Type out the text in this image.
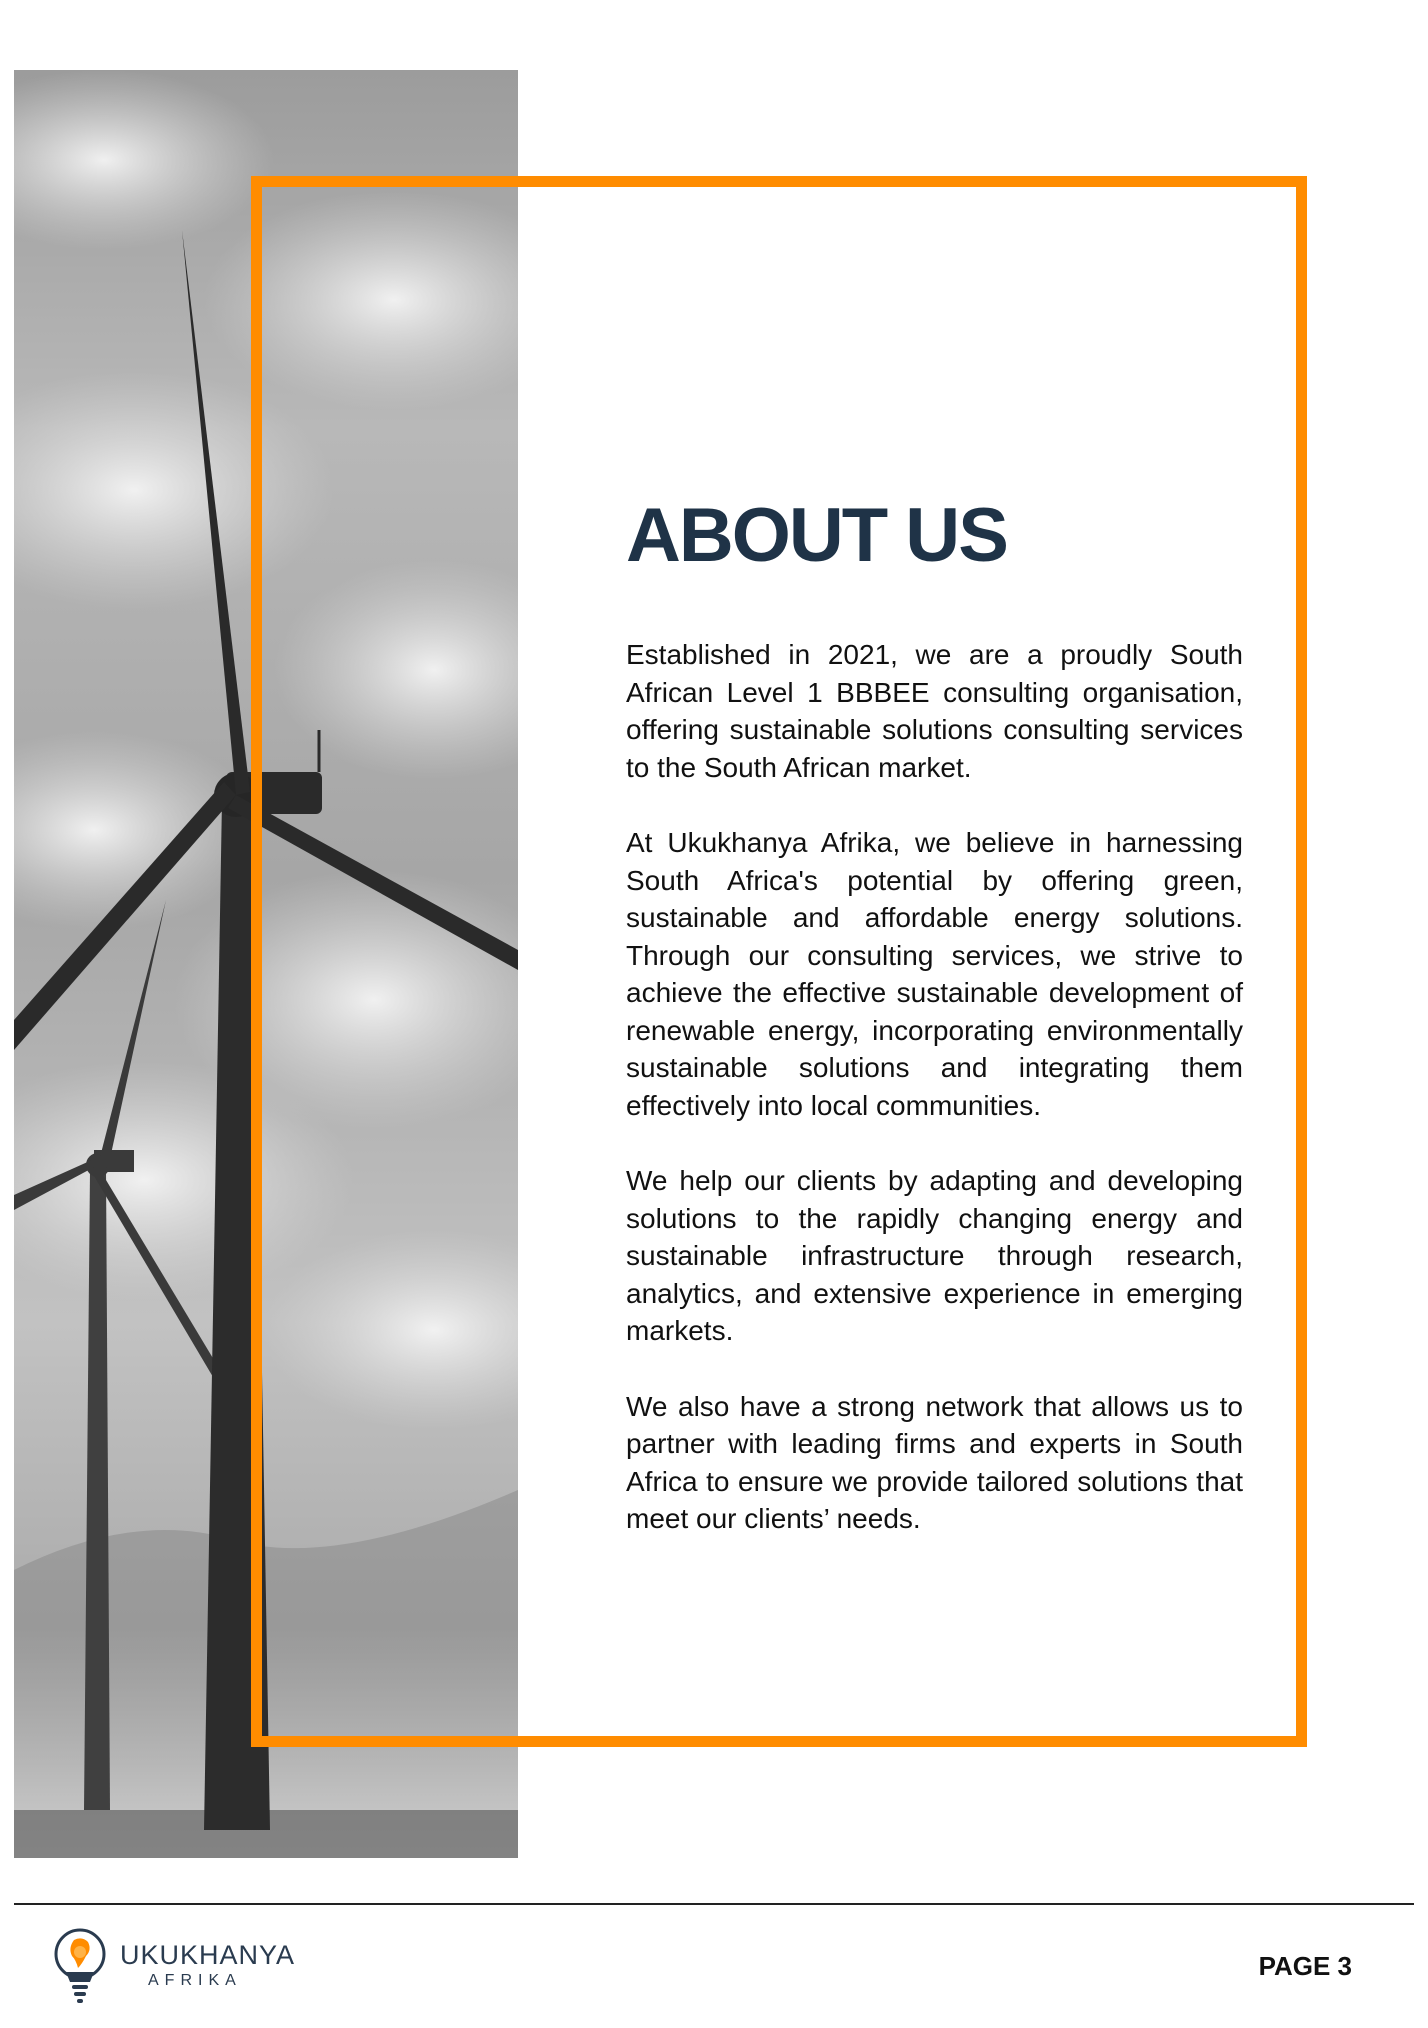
ABOUT US

Established in 2021, we are a proudly South African Level 1 BBBEE consulting organisation, offering sustainable solutions consulting services to the South African market.

At Ukukhanya Afrika, we believe in harnessing South Africa's potential by offering green, sustainable and affordable energy solutions. Through our consulting services, we strive to achieve the effective sustainable development of renewable energy, incorporating environmentally sustainable solutions and integrating them effectively into local communities.

We help our clients by adapting and developing solutions to the rapidly changing energy and sustainable infrastructure through research, analytics, and extensive experience in emerging markets.

We also have a strong network that allows us to partner with leading firms and experts in South Africa to ensure we provide tailored solutions that meet our clients’ needs.

UKUKHANYA
AFRIKA	PAGE 3
